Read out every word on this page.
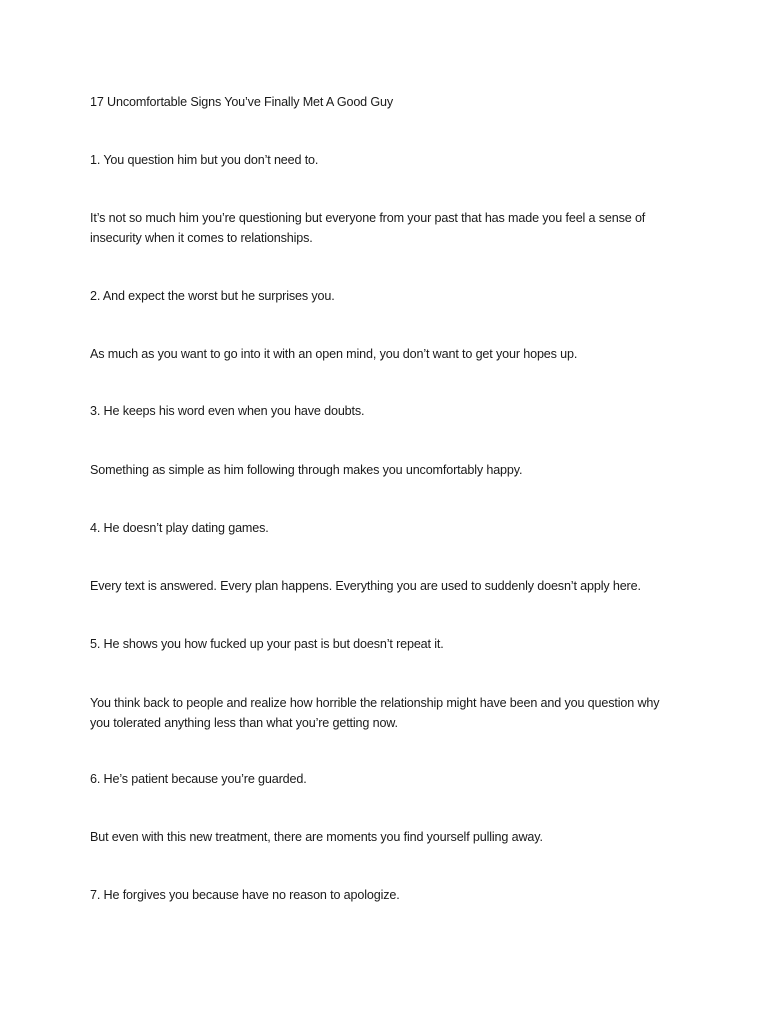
17 Uncomfortable Signs You’ve Finally Met A Good Guy
1. You question him but you don’t need to.
It’s not so much him you’re questioning but everyone from your past that has made you feel a sense of insecurity when it comes to relationships.
2. And expect the worst but he surprises you.
As much as you want to go into it with an open mind, you don’t want to get your hopes up.
3. He keeps his word even when you have doubts.
Something as simple as him following through makes you uncomfortably happy.
4. He doesn’t play dating games.
Every text is answered. Every plan happens. Everything you are used to suddenly doesn’t apply here.
5. He shows you how fucked up your past is but doesn’t repeat it.
You think back to people and realize how horrible the relationship might have been and you question why you tolerated anything less than what you’re getting now.
6. He’s patient because you’re guarded.
But even with this new treatment, there are moments you find yourself pulling away.
7. He forgives you because have no reason to apologize.
